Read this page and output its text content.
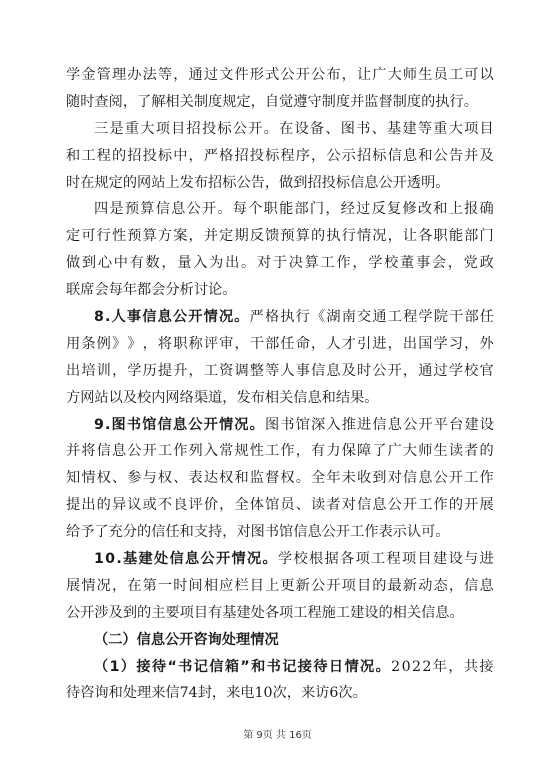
学 金 管 理 办 法 等 ， 通 过 文 件 形 式 公 开 公 布 ， 让 广 大 师 生 员 工 可 以
随 时 查 阅 ， 了 解 相 关 制 度 规 定 ， 自 觉 遵 守 制 度 并 监 督 制 度 的 执 行 。
三 是 重 大 项 目 招 投 标 公 开 。 在 设 备 、 图 书 、 基 建 等 重 大 项 目
和 工 程 的 招 投 标 中 ， 严 格 招 投 标 程 序 ， 公 示 招 标 信 息 和 公 告 并 及
时 在 规 定 的 网 站 上 发 布 招 标 公 告 ， 做 到 招 投 标 信 息 公 开 透 明 。
四 是 预 算 信 息 公 开 。 每 个 职 能 部 门 ， 经 过 反 复 修 改 和 上 报 确
定 可 行 性 预 算 方 案 ， 并 定 期 反 馈 预 算 的 执 行 情 况 ， 让 各 职 能 部 门
做 到 心 中 有 数 ， 量 入 为 出 。 对 于 决 算 工 作 ， 学 校 董 事 会 ， 党 政
联 席 会 每 年 都 会 分 析 讨 论 。
8 . 人 事 信 息 公 开 情 况 。 严 格 执 行 《 湖 南 交 通 工 程 学 院 干 部 任
用 条 例 》 》 ， 将 职 称 评 审 ， 干 部 任 命 ， 人 才 引 进 ， 出 国 学 习 ， 外
出 培 训 ， 学 历 提 升 ， 工 资 调 整 等 人 事 信 息 及 时 公 开 ， 通 过 学 校 官
方 网 站 以 及 校 内 网 络 渠 道 ， 发 布 相 关 信 息 和 结 果 。
9 . 图 书 馆 信 息 公 开 情 况 。 图 书 馆 深 入 推 进 信 息 公 开 平 台 建 设
并 将 信 息 公 开 工 作 列 入 常 规 性 工 作 ， 有 力 保 障 了 广 大 师 生 读 者 的
知 情 权 、 参 与 权 、 表 达 权 和 监 督 权 。 全 年 未 收 到 对 信 息 公 开 工 作
提 出 的 异 议 或 不 良 评 价 ， 全 体 馆 员 、 读 者 对 信 息 公 开 工 作 的 开 展
给 予 了 充 分 的 信 任 和 支 持 ， 对 图 书 馆 信 息 公 开 工 作 表 示 认 可 。
1 0 . 基 建 处 信 息 公 开 情 况 。 学 校 根 据 各 项 工 程 项 目 建 设 与 进
展 情 况 ， 在 第 一 时 间 相 应 栏 目 上 更 新 公 开 项 目 的 最 新 动 态 ， 信 息
公 开 涉 及 到 的 主 要 项 目 有 基 建 处 各 项 工 程 施 工 建 设 的 相 关 信 息 。
（ 二 ） 信 息 公 开 咨 询 处 理 情 况
（ 1 ） 接 待 “ 书 记 信 箱 ” 和 书 记 接 待 日 情 况 。 2 0 2 2 年 ， 共 接
待 咨 询 和 处 理 来 信 7 4 封 ， 来 电 1 0 次 ， 来 访 6 次 。
第 9页 共 16页
